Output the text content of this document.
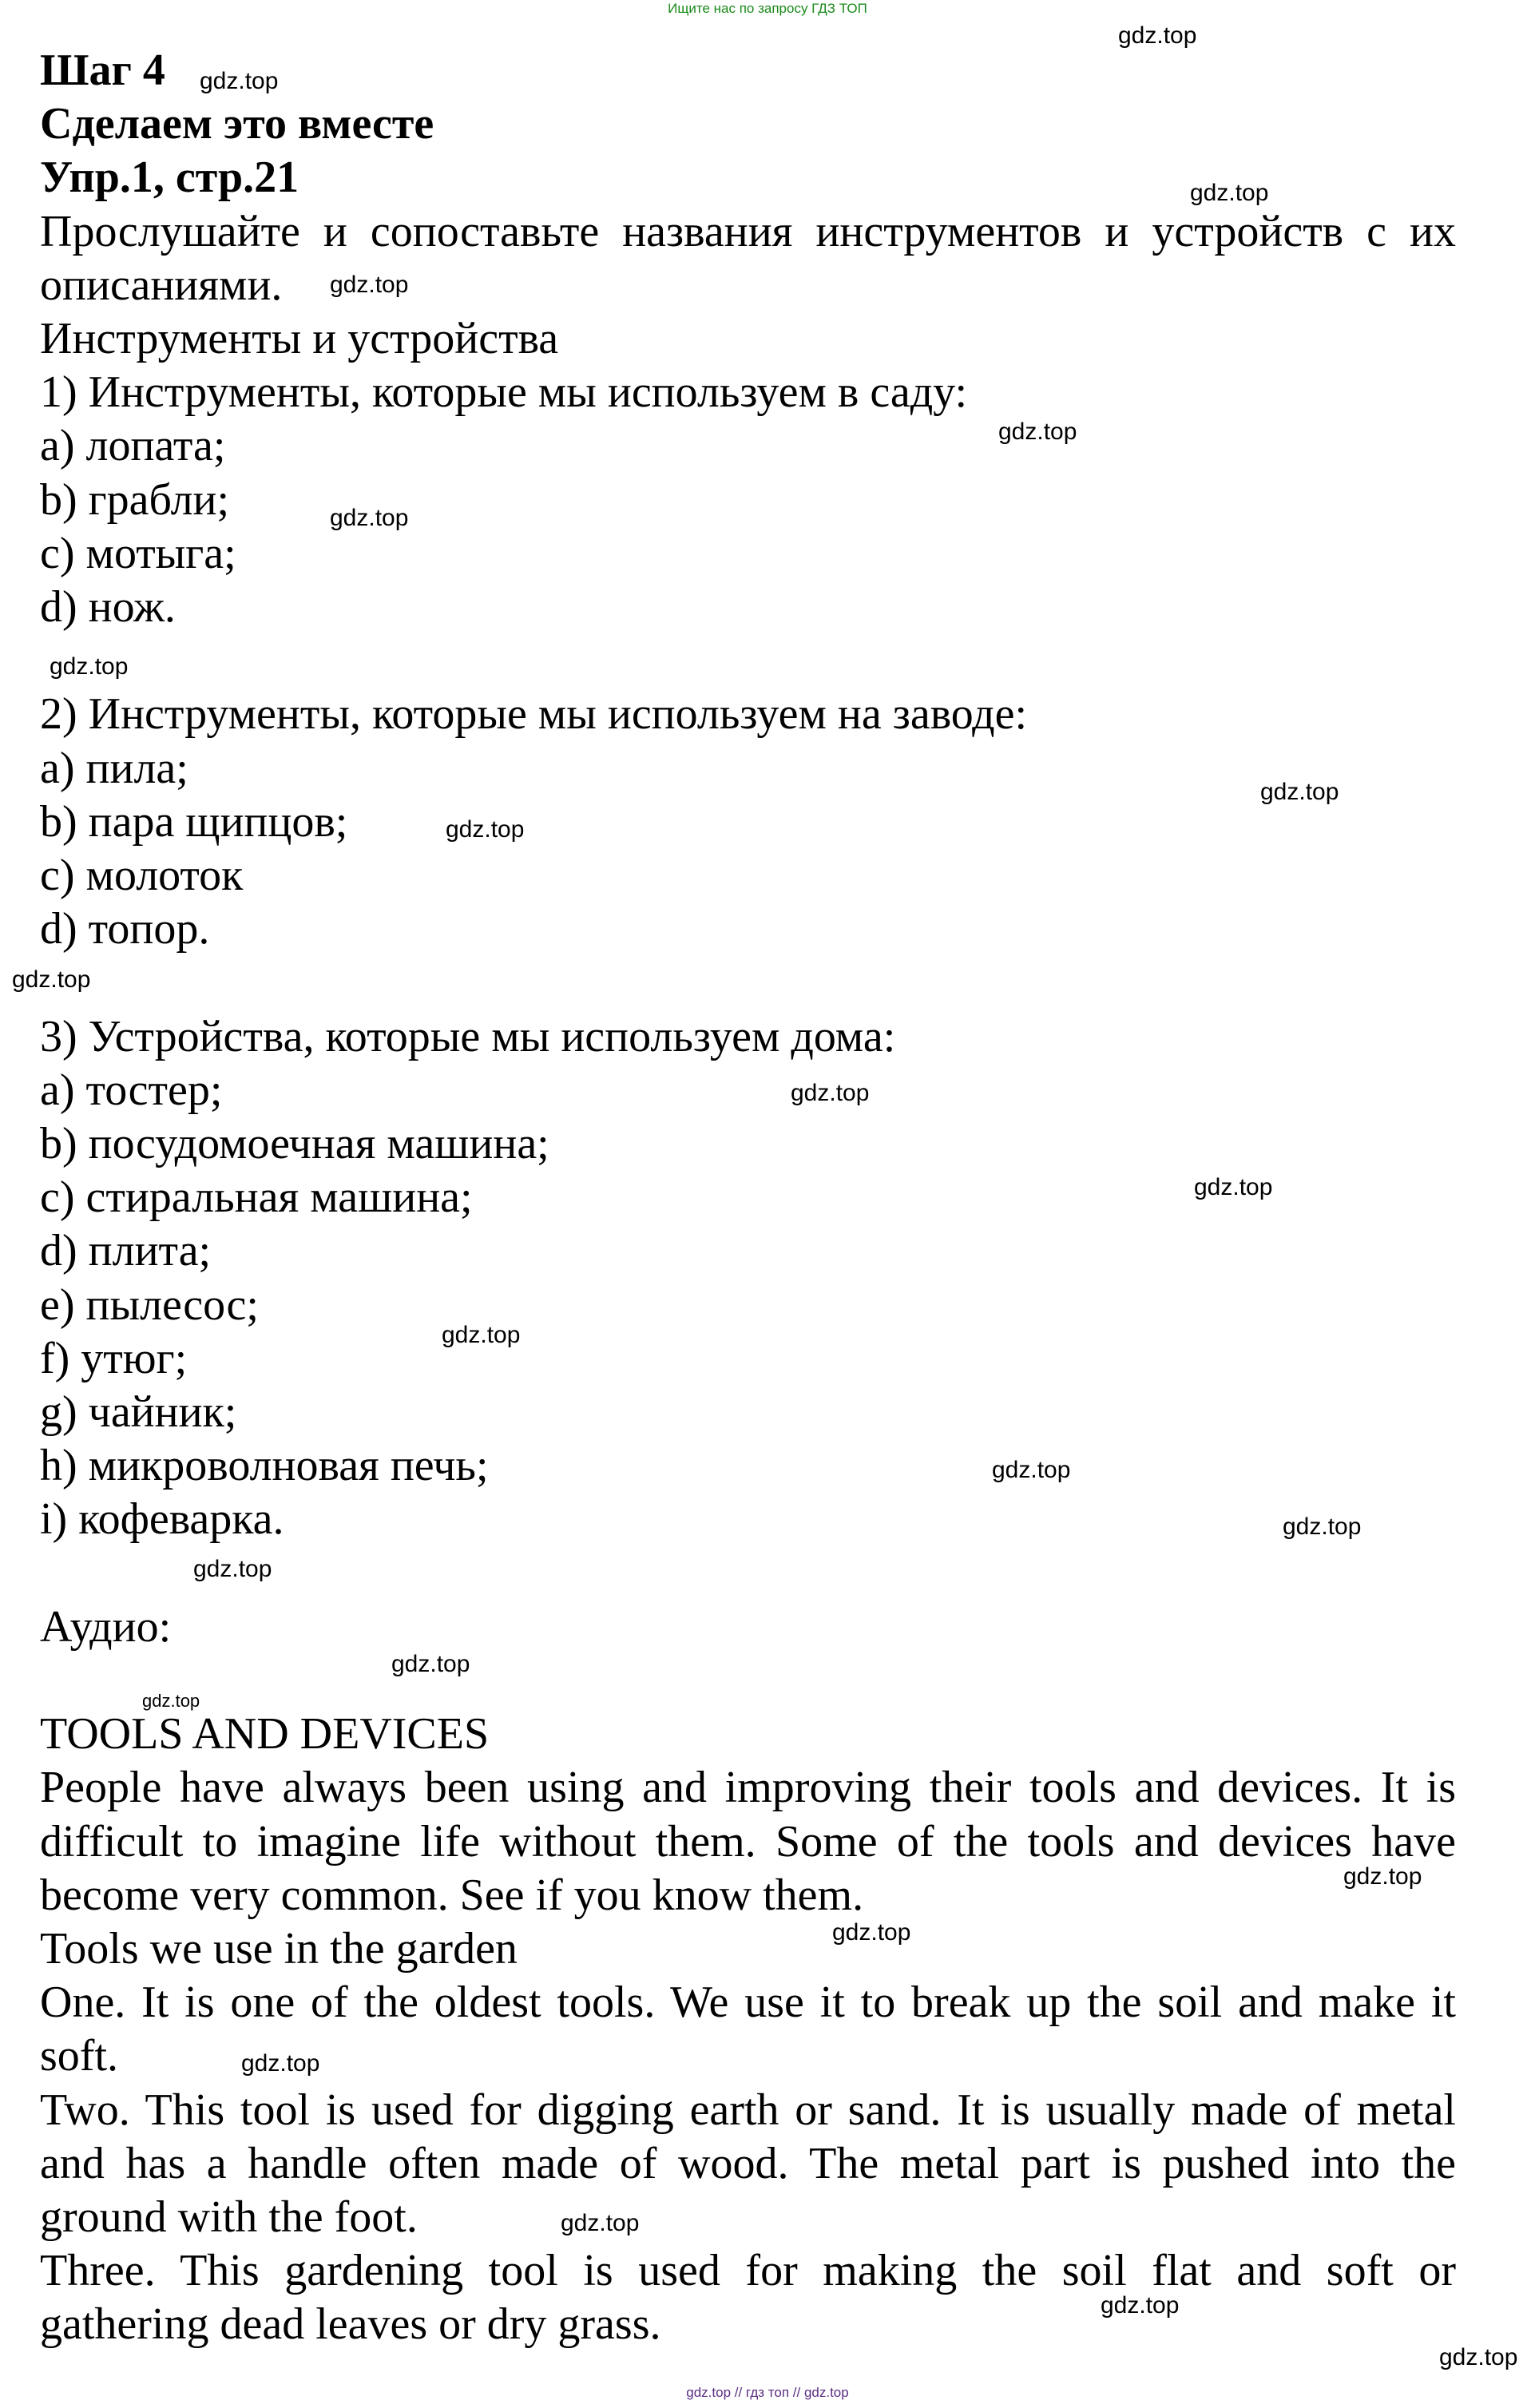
Ищите нас по запросу ГДЗ ТОП

Шаг 4

Сделаем это вместе

Упр.1, стр.21

Прослушайте и сопоставьте названия инструментов и устройств с их

описаниями.

Инструменты и устройства

1) Инструменты, которые мы используем в саду:

a) лопата;

b) грабли;

c) мотыга;

d) нож.

2) Инструменты, которые мы используем на заводе:

a) пила;

b) пара щипцов;

c) молоток

d) топор.

3) Устройства, которые мы используем дома:

a) тостер;

b) посудомоечная машина;

c) стиральная машина;

d) плита;

e) пылесос;

f) утюг;

g) чайник;

h) микроволновая печь;

i) кофеварка.

Аудио:

TOOLS AND DEVICES

People have always been using and improving their tools and devices. It is

difficult to imagine life without them. Some of the tools and devices have

become very common. See if you know them.

Tools we use in the garden

One. It is one of the oldest tools. We use it to break up the soil and make it

soft.

Two. This tool is used for digging earth or sand. It is usually made of metal

and has a handle often made of wood. The metal part is pushed into the

ground with the foot.

Three. This gardening tool is used for making the soil flat and soft or

gathering dead leaves or dry grass.

gdz.top
gdz.top
gdz.top
gdz.top
gdz.top
gdz.top
gdz.top
gdz.top
gdz.top
gdz.top
gdz.top
gdz.top
gdz.top
gdz.top
gdz.top
gdz.top
gdz.top
gdz.top
gdz.top
gdz.top
gdz.top
gdz.top
gdz.top
gdz.top
gdz.top // гдз топ // gdz.top
